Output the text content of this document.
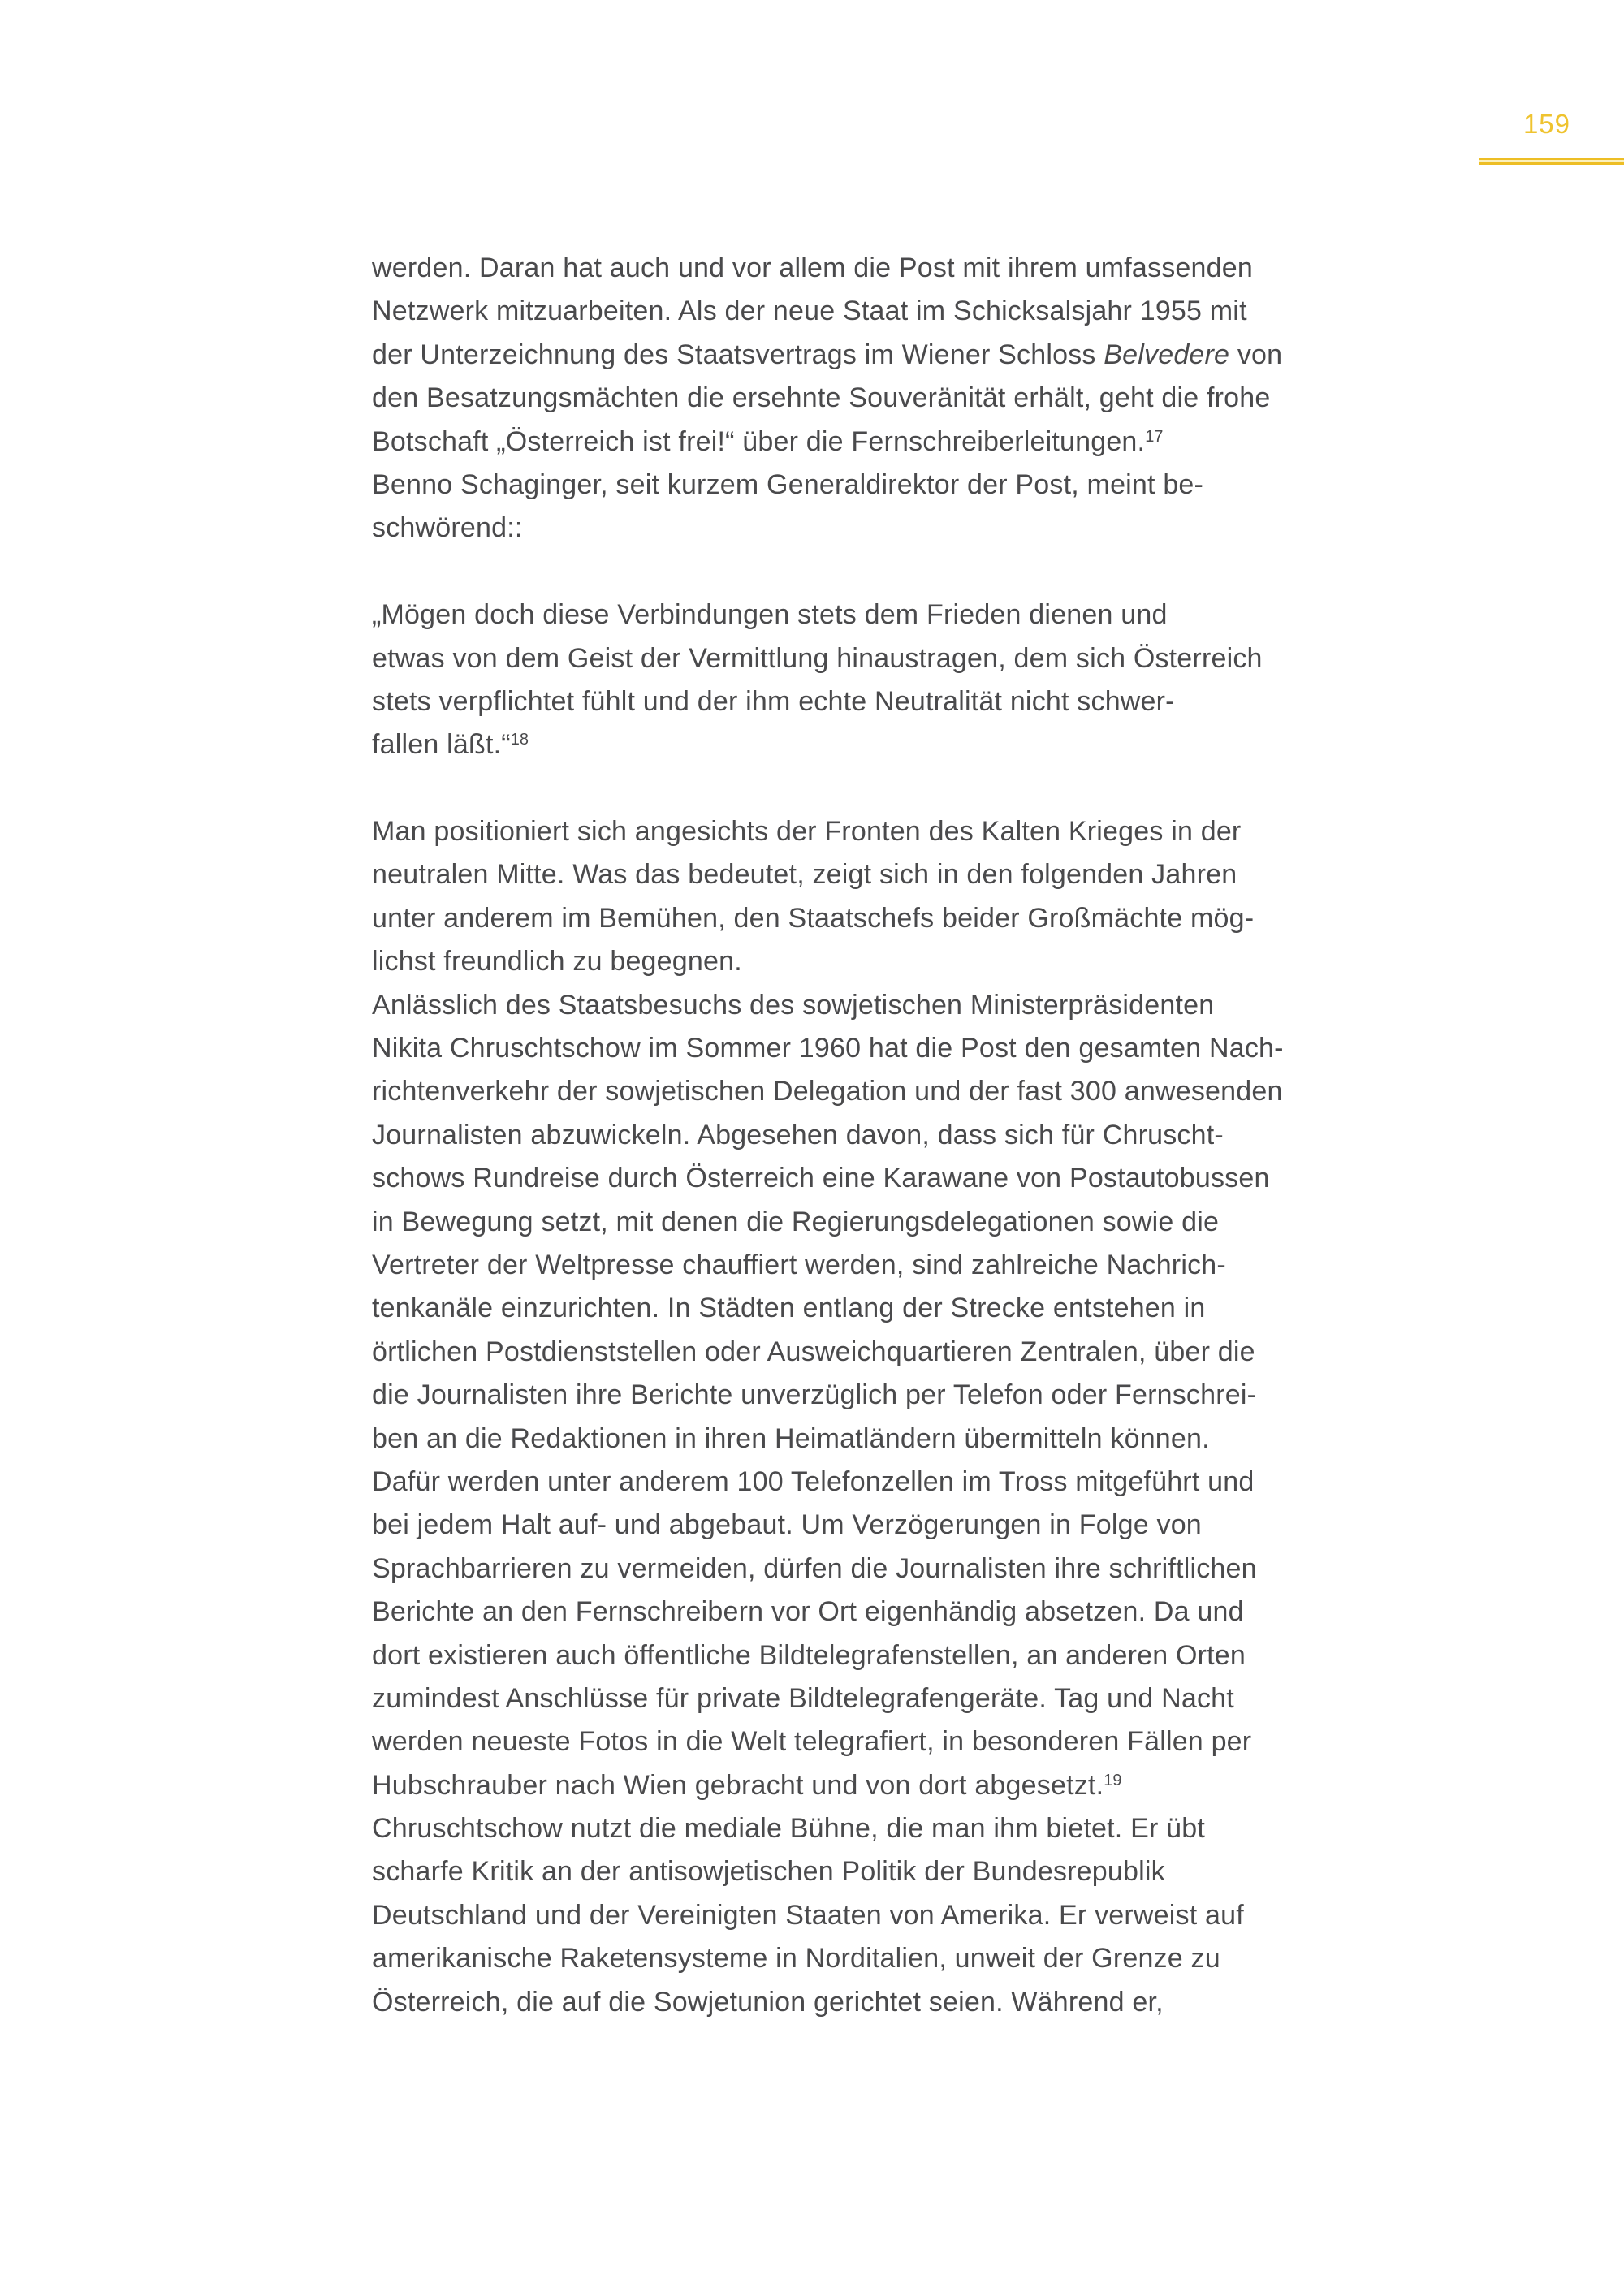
159
werden. Daran hat auch und vor allem die Post mit ihrem umfassenden
Netzwerk mitzuarbeiten. Als der neue Staat im Schicksalsjahr 1955 mit
der Unterzeichnung des Staatsvertrags im Wiener Schloss Belvedere von
den Besatzungsmächten die ersehnte Souveränität erhält, geht die frohe
Botschaft „Österreich ist frei!“ über die Fernschreiberleitungen.$^{17}$
Benno Schaginger, seit kurzem Generaldirektor der Post, meint be-
schwörend::
„Mögen doch diese Verbindungen stets dem Frieden dienen und
etwas von dem Geist der Vermittlung hinaustragen, dem sich Österreich
stets verpflichtet fühlt und der ihm echte Neutralität nicht schwer-
fallen läßt.“$^{18}$
Man positioniert sich angesichts der Fronten des Kalten Krieges in der
neutralen Mitte. Was das bedeutet, zeigt sich in den folgenden Jahren
unter anderem im Bemühen, den Staatschefs beider Großmächte mög-
lichst freundlich zu begegnen.
Anlässlich des Staatsbesuchs des sowjetischen Ministerpräsidenten
Nikita Chruschtschow im Sommer 1960 hat die Post den gesamten Nach-
richtenverkehr der sowjetischen Delegation und der fast 300 anwesenden
Journalisten abzuwickeln. Abgesehen davon, dass sich für Chruscht-
schows Rundreise durch Österreich eine Karawane von Postautobussen
in Bewegung setzt, mit denen die Regierungsdelegationen sowie die
Vertreter der Weltpresse chauffiert werden, sind zahlreiche Nachrich-
tenkanäle einzurichten. In Städten entlang der Strecke entstehen in
örtlichen Postdienststellen oder Ausweichquartieren Zentralen, über die
die Journalisten ihre Berichte unverzüglich per Telefon oder Fernschrei-
ben an die Redaktionen in ihren Heimatländern übermitteln können.
Dafür werden unter anderem 100 Telefonzellen im Tross mitgeführt und
bei jedem Halt auf- und abgebaut. Um Verzögerungen in Folge von
Sprachbarrieren zu vermeiden, dürfen die Journalisten ihre schriftlichen
Berichte an den Fernschreibern vor Ort eigenhändig absetzen. Da und
dort existieren auch öffentliche Bildtelegrafenstellen, an anderen Orten
zumindest Anschlüsse für private Bildtelegrafengeräte. Tag und Nacht
werden neueste Fotos in die Welt telegrafiert, in besonderen Fällen per
Hubschrauber nach Wien gebracht und von dort abgesetzt.$^{19}$
Chruschtschow nutzt die mediale Bühne, die man ihm bietet. Er übt
scharfe Kritik an der antisowjetischen Politik der Bundesrepublik
Deutschland und der Vereinigten Staaten von Amerika. Er verweist auf
amerikanische Raketensysteme in Norditalien, unweit der Grenze zu
Österreich, die auf die Sowjetunion gerichtet seien. Während er,
